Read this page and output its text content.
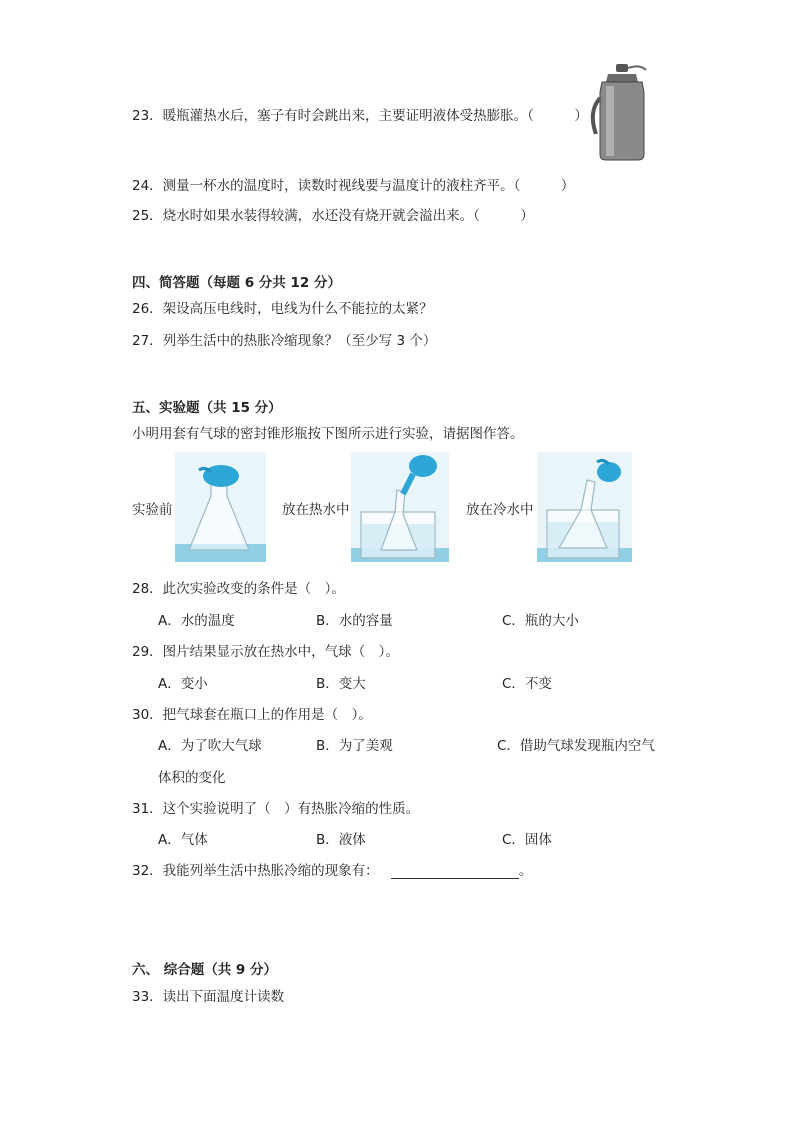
23．暖瓶灌热水后，塞子有时会跳出来，主要证明液体受热膨胀。（　　　）
24．测量一杯水的温度时，读数时视线要与温度计的液柱齐平。（　　　）
25．烧水时如果水装得较满，水还没有烧开就会溢出来。（　　　）
四、简答题（每题 6 分共 12 分）
26．架设高压电线时，电线为什么不能拉的太紧？
27．列举生活中的热胀冷缩现象？（至少写 3 个）
五、实验题（共 15 分）
小明用套有气球的密封锥形瓶按下图所示进行实验，请据图作答。
实验前	放在热水中	放在冷水中
28．此次实验改变的条件是（　）。
A．水的温度	B．水的容量	C．瓶的大小
29．图片结果显示放在热水中，气球（　）。
A．变小	B．变大	C．不变
30．把气球套在瓶口上的作用是（　）。
A．为了吹大气球	B．为了美观	C．借助气球发现瓶内空气
体积的变化
31．这个实验说明了（　）有热胀冷缩的性质。
A．气体	B．液体	C．固体
32．我能列举生活中热胀冷缩的现象有：	。
六、 综合题（共 9 分）
33．读出下面温度计读数
